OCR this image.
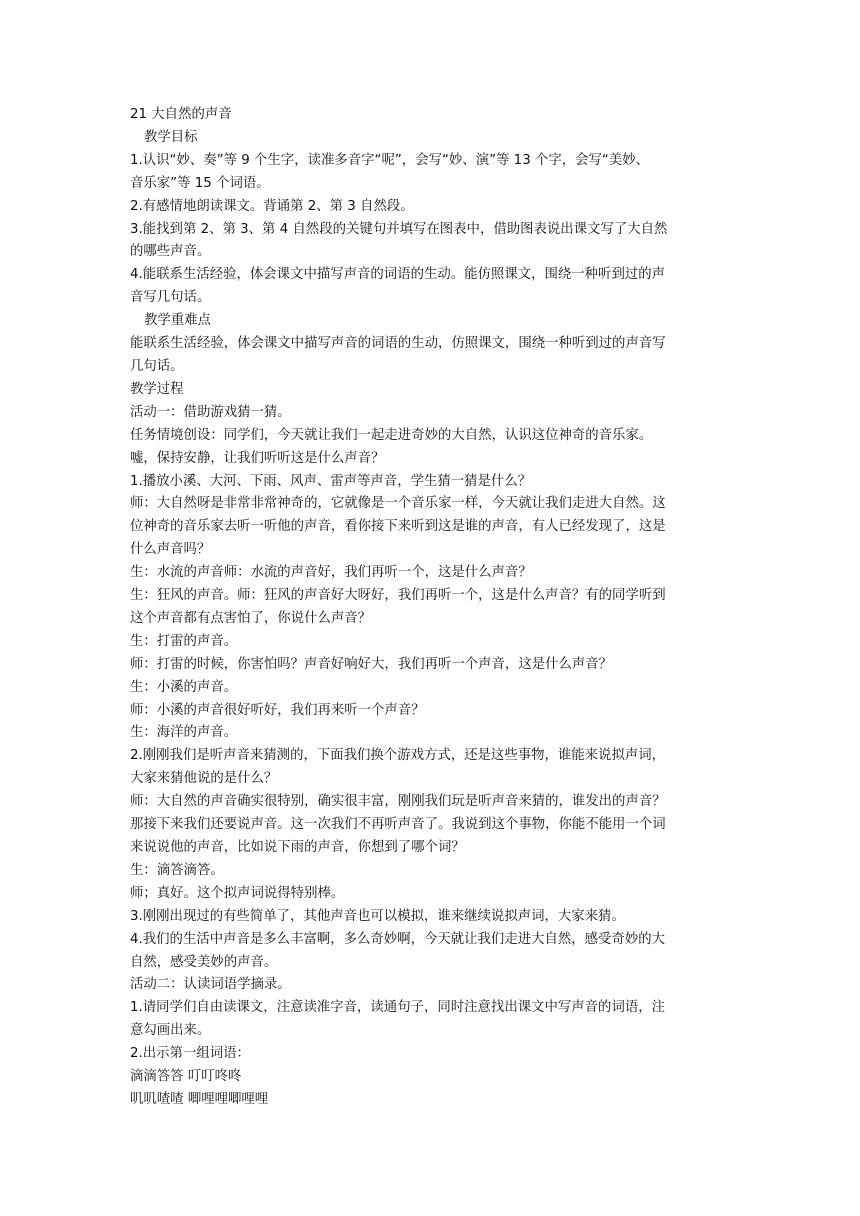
21 大自然的声音
教学目标
1.认识“妙、奏”等 9 个生字，读准多音字“呢”，会写“妙、演”等 13 个字，会写“美妙、
音乐家”等 15 个词语。
2.有感情地朗读课文。背诵第 2、第 3 自然段。
3.能找到第 2、第 3、第 4 自然段的关键句并填写在图表中，借助图表说出课文写了大自然
的哪些声音。
4.能联系生活经验，体会课文中描写声音的词语的生动。能仿照课文，围绕一种听到过的声
音写几句话。
教学重难点
能联系生活经验，体会课文中描写声音的词语的生动，仿照课文，围绕一种听到过的声音写
几句话。
教学过程
活动一：借助游戏猜一猜。
任务情境创设：同学们，今天就让我们一起走进奇妙的大自然，认识这位神奇的音乐家。
嘘，保持安静，让我们听听这是什么声音？
1.播放小溪、大河、下雨、风声、雷声等声音，学生猜一猜是什么？
师：大自然呀是非常非常神奇的，它就像是一个音乐家一样，今天就让我们走进大自然。这
位神奇的音乐家去听一听他的声音，看你接下来听到这是谁的声音，有人已经发现了，这是
什么声音吗？
生：水流的声音师：水流的声音好，我们再听一个，这是什么声音？
生：狂风的声音。师：狂风的声音好大呀好，我们再听一个，这是什么声音？有的同学听到
这个声音都有点害怕了，你说什么声音？
生：打雷的声音。
师：打雷的时候，你害怕吗？声音好响好大，我们再听一个声音，这是什么声音？
生：小溪的声音。
师：小溪的声音很好听好，我们再来听一个声音？
生：海洋的声音。
2.刚刚我们是听声音来猜测的，下面我们换个游戏方式，还是这些事物，谁能来说拟声词，
大家来猜他说的是什么？
师：大自然的声音确实很特别，确实很丰富，刚刚我们玩是听声音来猜的，谁发出的声音？
那接下来我们还要说声音。这一次我们不再听声音了。我说到这个事物，你能不能用一个词
来说说他的声音，比如说下雨的声音，你想到了哪个词？
生：滴答滴答。
师；真好。这个拟声词说得特别棒。
3.刚刚出现过的有些简单了，其他声音也可以模拟，谁来继续说拟声词，大家来猜。
4.我们的生活中声音是多么丰富啊，多么奇妙啊，今天就让我们走进大自然，感受奇妙的大
自然，感受美妙的声音。
活动二：认读词语学摘录。
1.请同学们自由读课文，注意读准字音，读通句子，同时注意找出课文中写声音的词语，注
意勾画出来。
2.出示第一组词语：
滴滴答答 叮叮咚咚
叽叽喳喳 唧哩哩唧哩哩
